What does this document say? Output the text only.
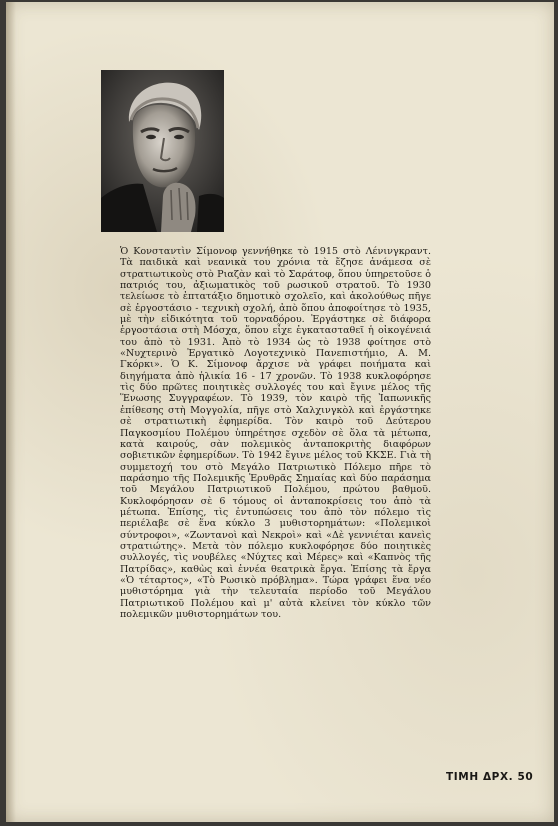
Ὁ Κονσταντὶν Σίμονοφ γεννήθηκε τὸ 1915 στὸ Λένινγκραντ. Τὰ παιδικὰ καὶ νεανικὰ του χρόνια τὰ ἔζησε ἀνάμεσα σὲ στρατιωτικοὺς στὸ Ριαζὰν καὶ τὸ Σαράτοφ, ὅπου ὑπηρετοῦσε ὁ πατριός του, ἀξιωματικὸς τοῦ ρωσικοῦ στρατοῦ. Τὸ 1930 τελείωσε τὸ ἑπτατάξιο δημοτικὸ σχολεῖο, καὶ ἀκολούθως πῆγε σὲ ἐργοστάσιο - τεχνικὴ σχολή, ἀπὸ ὅπου ἀποφοίτησε τὸ 1935, μὲ τὴν εἰδικότητα τοῦ τορναδόρου. Ἐργάστηκε σὲ διάφορα ἐργοστάσια στὴ Μόσχα, ὅπου εἶχε ἐγκατασταθεῖ ἡ οἰκογένειά του ἀπὸ τὸ 1931. Ἀπὸ τὸ 1934 ὡς τὸ 1938 φοίτησε στὸ «Νυχτερινὸ Ἐργατικὸ Λογοτεχνικὸ Πανεπιστήμιο, Α. Μ. Γκόρκι». Ὁ Κ. Σίμονοφ ἄρχισε νὰ γράφει ποιήματα καὶ διηγήματα ἀπὸ ἡλικία 16 - 17 χρονῶν. Τὸ 1938 κυκλοφόρησε τὶς δύο πρῶτες ποιητικὲς συλλογές του καὶ ἔγινε μέλος τῆς Ἕνωσης Συγγραφέων. Τὸ 1939, τὸν καιρὸ τῆς Ἰαπωνικῆς ἐπίθεσης στὴ Μογγολία, πῆγε στὸ Χαλχινγκὸλ καὶ ἐργάστηκε σὲ στρατιωτικὴ ἐφημερίδα. Τὸν καιρὸ τοῦ Δεύτερου Παγκοσμίου Πολέμου ὑπηρέτησε σχεδὸν σὲ ὅλα τὰ μέτωπα, κατὰ καιρούς, σὰν πολεμικὸς ἀνταποκριτὴς διαφόρων σοβιετικῶν ἐφημερίδων. Τὸ 1942 ἔγινε μέλος τοῦ ΚΚΣΕ. Γιὰ τὴ συμμετοχή του στὸ Μεγάλο Πατριωτικὸ Πόλεμο πῆρε τὸ παράσημο τῆς Πολεμικῆς Ἐρυθρᾶς Σημαίας καὶ δύο παράσημα τοῦ Μεγάλου Πατριωτικοῦ Πολέμου, πρώτου βαθμοῦ. Κυκλοφόρησαν σὲ 6 τόμους οἱ ἀνταποκρίσεις του ἀπὸ τὰ μέτωπα. Ἐπίσης, τὶς ἐντυπώσεις του ἀπὸ τὸν πόλεμο τὶς περιέλαβε σὲ ἕνα κύκλο 3 μυθιστορημάτων: «Πολεμικοὶ σύντροφοι», «Ζωντανοὶ καὶ Νεκροὶ» καὶ «Δὲ γεννιέται κανεὶς στρατιώτης». Μετὰ τὸν πόλεμο κυκλοφόρησε δύο ποιητικὲς συλλογές, τὶς νουβέλες «Νύχτες καὶ Μέρες» καὶ «Καπνὸς τῆς Πατρίδας», καθὼς καὶ ἐννέα θεατρικὰ ἔργα. Ἐπίσης τὰ ἔργα «Ὁ τέταρτος», «Τὸ Ρωσικὸ πρόβλημα». Τώρα γράφει ἕνα νέο μυθιστόρημα γιὰ τὴν τελευταία περίοδο τοῦ Μεγάλου Πατριωτικοῦ Πολέμου καὶ μ' αὐτὰ κλείνει τὸν κύκλο τῶν πολεμικῶν μυθιστορημάτων του.

ΤΙΜΗ ΔΡΧ. 50
